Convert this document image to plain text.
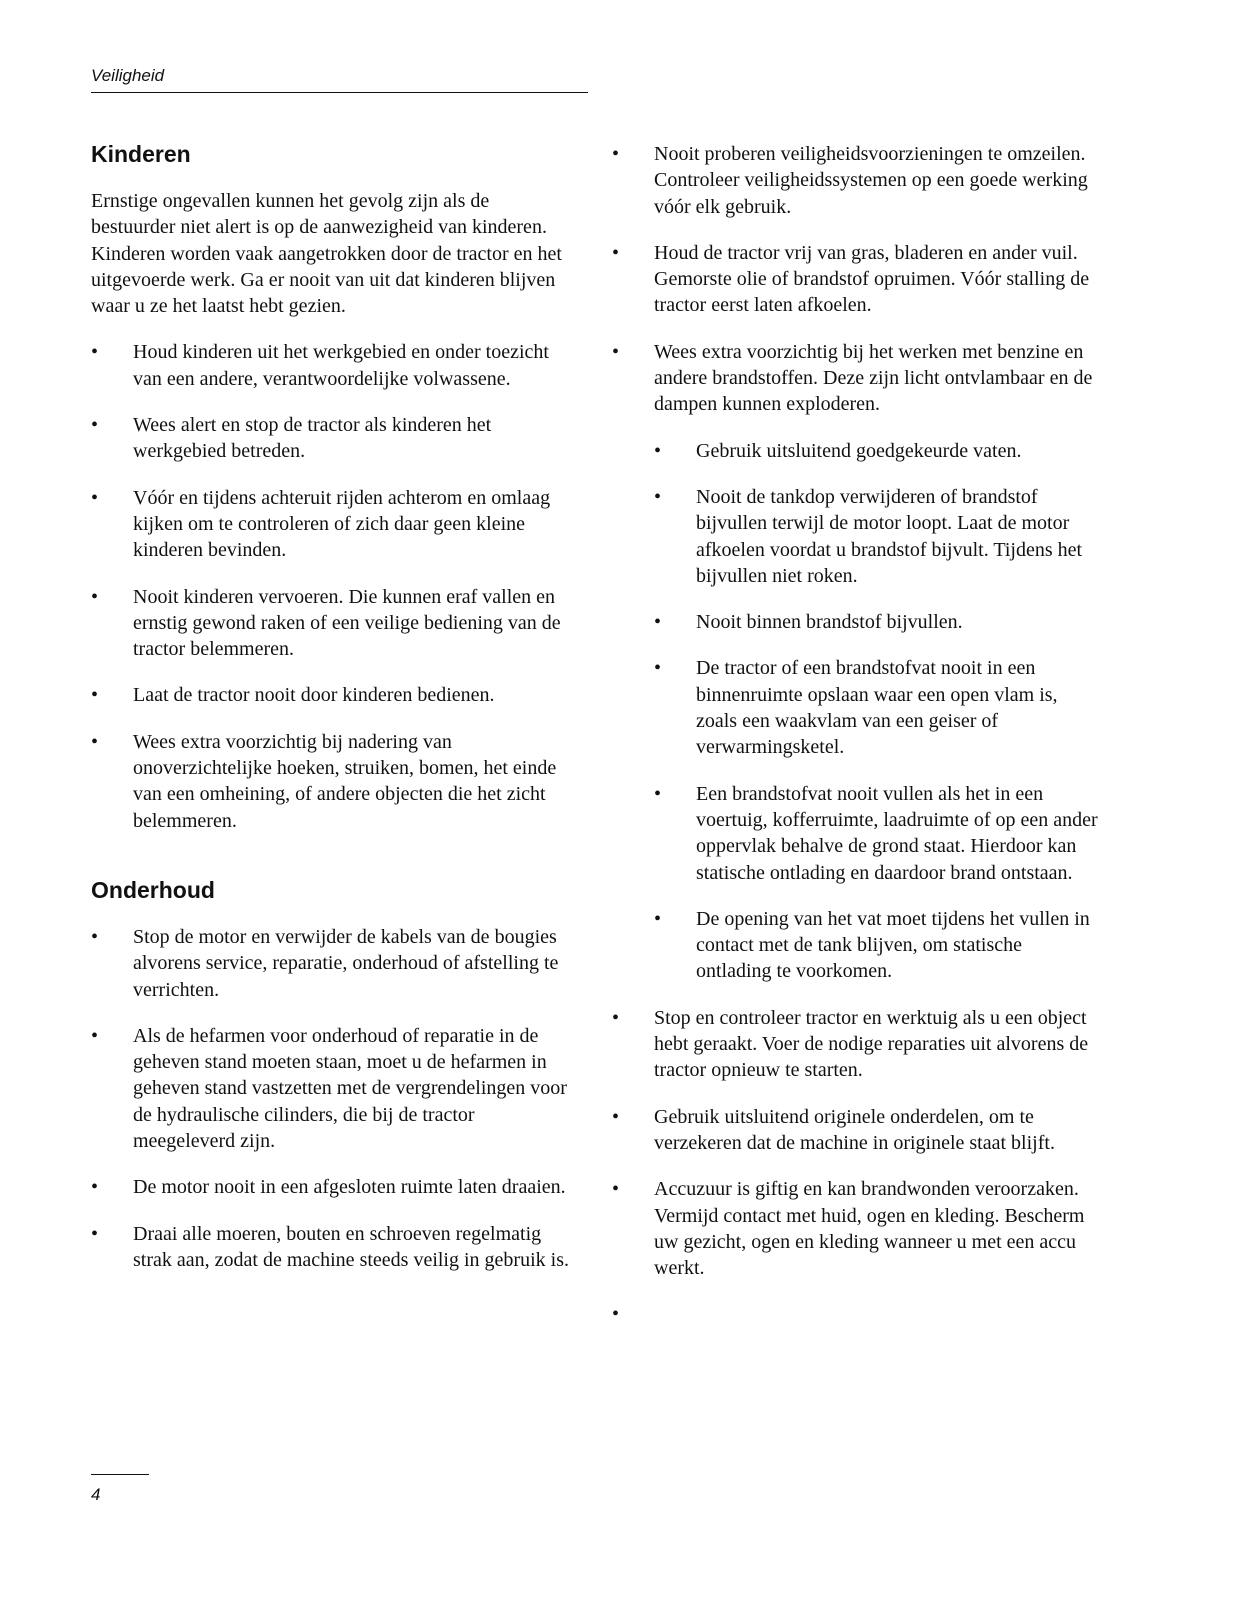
Veiligheid
Kinderen

Ernstige ongevallen kunnen het gevolg zijn als de bestuurder niet alert is op de aanwezigheid van kinderen. Kinderen worden vaak aangetrokken door de tractor en het uitgevoerde werk. Ga er nooit van uit dat kinderen blijven waar u ze het laatst hebt gezien.

•	Houd kinderen uit het werkgebied en onder toezicht van een andere, verantwoordelijke volwassene.
•	Wees alert en stop de tractor als kinderen het werkgebied betreden.
•	Vóór en tijdens achteruit rijden achterom en omlaag kijken om te controleren of zich daar geen kleine kinderen bevinden.
•	Nooit kinderen vervoeren. Die kunnen eraf vallen en ernstig gewond raken of een veilige bediening van de tractor belemmeren.
•	Laat de tractor nooit door kinderen bedienen.
•	Wees extra voorzichtig bij nadering van onoverzichtelijke hoeken, struiken, bomen, het einde van een omheining, of andere objecten die het zicht belemmeren.
Onderhoud
•	Stop de motor en verwijder de kabels van de bougies alvorens service, reparatie, onderhoud of afstelling te verrichten.
•	Als de hefarmen voor onderhoud of reparatie in de geheven stand moeten staan, moet u de hefarmen in geheven stand vastzetten met de vergrendelingen voor de hydraulische cilinders, die bij de tractor meegeleverd zijn.
•	De motor nooit in een afgesloten ruimte laten draaien.
•	Draai alle moeren, bouten en schroeven regelmatig strak aan, zodat de machine steeds veilig in gebruik is.
•	Nooit proberen veiligheidsvoorzieningen te omzeilen. Controleer veiligheidssystemen op een goede werking vóór elk gebruik.
•	Houd de tractor vrij van gras, bladeren en ander vuil. Gemorste olie of brandstof opruimen. Vóór stalling de tractor eerst laten afkoelen.
•	Wees extra voorzichtig bij het werken met benzine en andere brandstoffen. Deze zijn licht ontvlambaar en de dampen kunnen exploderen.
•	Gebruik uitsluitend goedgekeurde vaten.
•	Nooit de tankdop verwijderen of brandstof bijvullen terwijl de motor loopt. Laat de motor afkoelen voordat u brandstof bijvult. Tijdens het bijvullen niet roken.
•	Nooit binnen brandstof bijvullen.
•	De tractor of een brandstofvat nooit in een binnenruimte opslaan waar een open vlam is, zoals een waakvlam van een geiser of verwarmingsketel.
•	Een brandstofvat nooit vullen als het in een voertuig, kofferruimte, laadruimte of op een ander oppervlak behalve de grond staat. Hierdoor kan statische ontlading en daardoor brand ontstaan.
•	De opening van het vat moet tijdens het vullen in contact met de tank blijven, om statische ontlading te voorkomen.
•	Stop en controleer tractor en werktuig als u een object hebt geraakt. Voer de nodige reparaties uit alvorens de tractor opnieuw te starten.
•	Gebruik uitsluitend originele onderdelen, om te verzekeren dat de machine in originele staat blijft.
•	Accuzuur is giftig en kan brandwonden veroorzaken. Vermijd contact met huid, ogen en kleding. Bescherm uw gezicht, ogen en kleding wanneer u met een accu werkt.
•
4
